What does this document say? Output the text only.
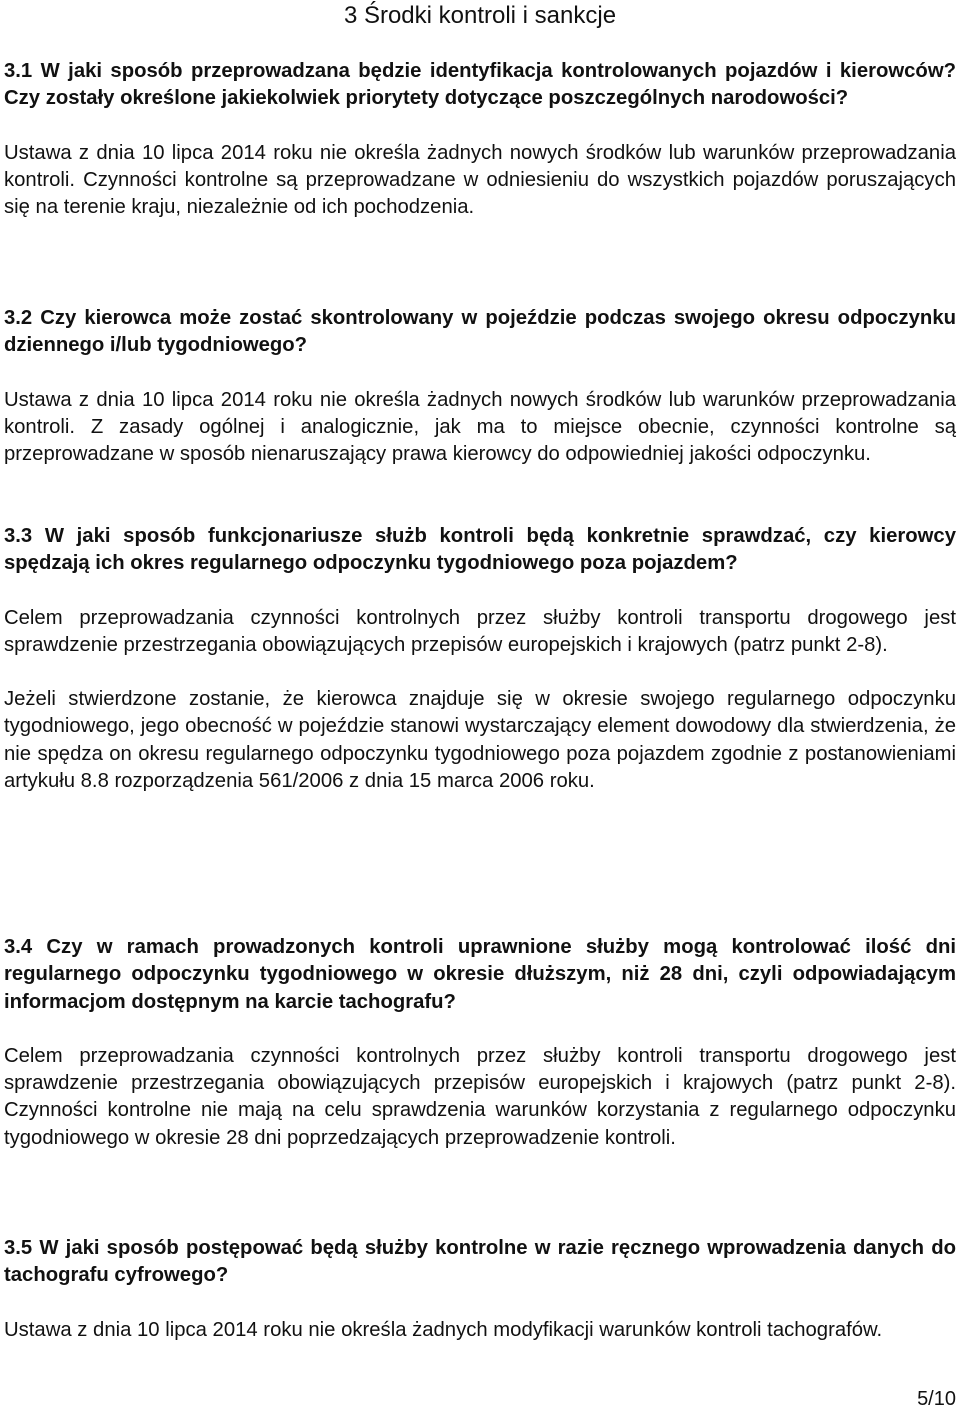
3 Środki kontroli i sankcje

3.1 W jaki sposób przeprowadzana będzie identyfikacja kontrolowanych pojazdów i kierowców? Czy zostały określone jakiekolwiek priorytety dotyczące poszczególnych narodowości?

Ustawa z dnia 10 lipca 2014 roku nie określa żadnych nowych środków lub warunków przeprowadzania kontroli. Czynności kontrolne są przeprowadzane w odniesieniu do wszystkich pojazdów poruszających się na terenie kraju, niezależnie od ich pochodzenia.

3.2 Czy kierowca może zostać skontrolowany w pojeździe podczas swojego okresu odpoczynku dziennego i/lub tygodniowego?

Ustawa z dnia 10 lipca 2014 roku nie określa żadnych nowych środków lub warunków przeprowadzania kontroli. Z zasady ogólnej i analogicznie, jak ma to miejsce obecnie, czynności kontrolne są przeprowadzane w sposób nienaruszający prawa kierowcy do odpowiedniej jakości odpoczynku.

3.3 W jaki sposób funkcjonariusze służb kontroli będą konkretnie sprawdzać, czy kierowcy spędzają ich okres regularnego odpoczynku tygodniowego poza pojazdem?

Celem przeprowadzania czynności kontrolnych przez służby kontroli transportu drogowego jest sprawdzenie przestrzegania obowiązujących przepisów europejskich i krajowych (patrz punkt 2-8).

Jeżeli stwierdzone zostanie, że kierowca znajduje się w okresie swojego regularnego odpoczynku tygodniowego, jego obecność w pojeździe stanowi wystarczający element dowodowy dla stwierdzenia, że nie spędza on okresu regularnego odpoczynku tygodniowego poza pojazdem zgodnie z postanowieniami artykułu 8.8 rozporządzenia 561/2006 z dnia 15 marca 2006 roku.

3.4 Czy w ramach prowadzonych kontroli uprawnione służby mogą kontrolować ilość dni regularnego odpoczynku tygodniowego w okresie dłuższym, niż 28 dni, czyli odpowiadającym informacjom dostępnym na karcie tachografu?

Celem przeprowadzania czynności kontrolnych przez służby kontroli transportu drogowego jest sprawdzenie przestrzegania obowiązujących przepisów europejskich i krajowych (patrz punkt 2-8). Czynności kontrolne nie mają na celu sprawdzenia warunków korzystania z regularnego odpoczynku tygodniowego w okresie 28 dni poprzedzających przeprowadzenie kontroli.

3.5 W jaki sposób postępować będą służby kontrolne w razie ręcznego wprowadzenia danych do tachografu cyfrowego?

Ustawa z dnia 10 lipca 2014 roku nie określa żadnych modyfikacji warunków kontroli tachografów.

5/10
